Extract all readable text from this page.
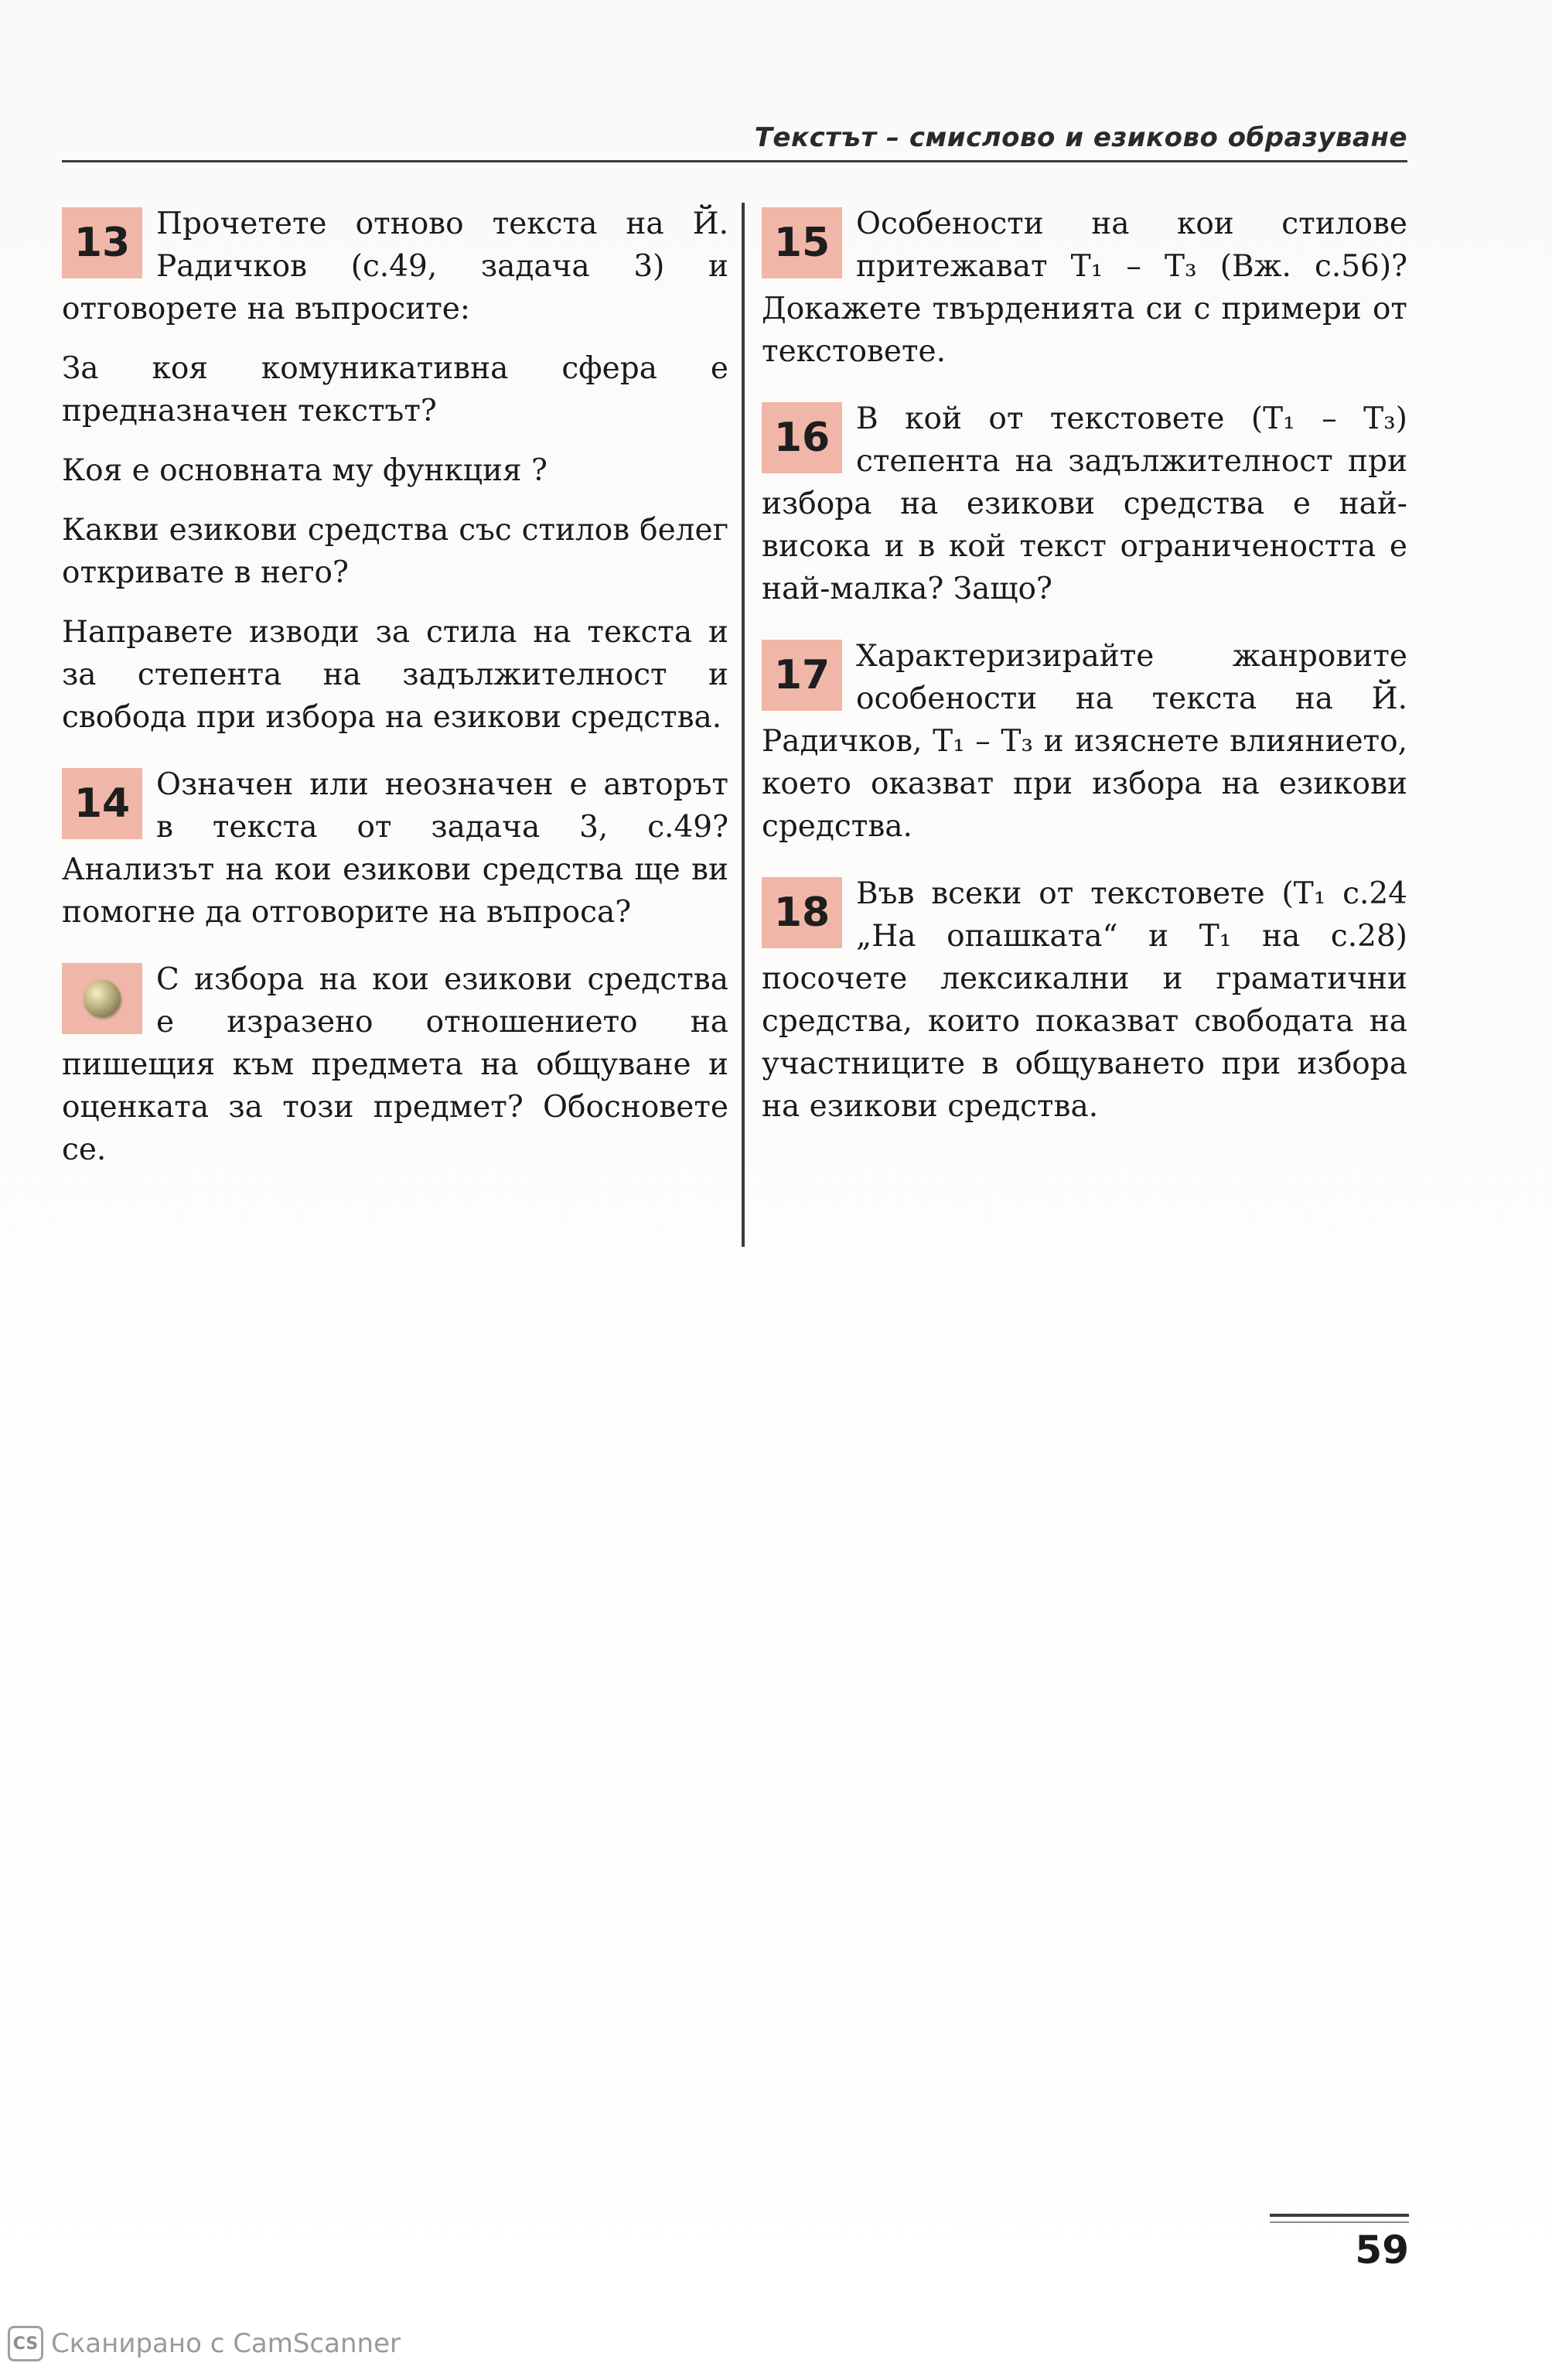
Текстът – смислово и езиково образуване
13 Прочетете отново текста на Й. Радичков (с.49, задача 3) и отговорете на въпросите:

За коя комуникативна сфера е предназначен текстът?

Коя е основната му функция ?

Какви езикови средства със стилов белег откривате в него?

Направете изводи за стила на текста и за степента на задължителност и свобода при избора на езикови средства.

14 Означен или неозначен е авторът в текста от задача 3, с.49? Анализът на кои езикови средства ще ви помогне да отговорите на въпроса?

С избора на кои езикови средства е изразено отношението на пишещия към предмета на общуване и оценката за този предмет? Обосновете се.

15 Особености на кои стилове притежават Т₁ – Т₃ (Вж. с.56)? Докажете твърденията си с примери от текстовете.

16 В кой от текстовете (Т₁ – Т₃) степента на задължителност при избора на езикови средства е най-висока и в кой текст ограничеността е най-малка? Защо?

17 Характеризирайте жанровите особености на текста на Й. Радичков, Т₁ – Т₃ и изяснете влиянието, което оказват при избора на езикови средства.

18 Във всеки от текстовете (Т₁ с.24 „На опашката“ и Т₁ на с.28) посочете лексикални и граматични средства, които показват свободата на участниците в общуването при избора на езикови средства.

59
CS Сканирано с CamScanner
